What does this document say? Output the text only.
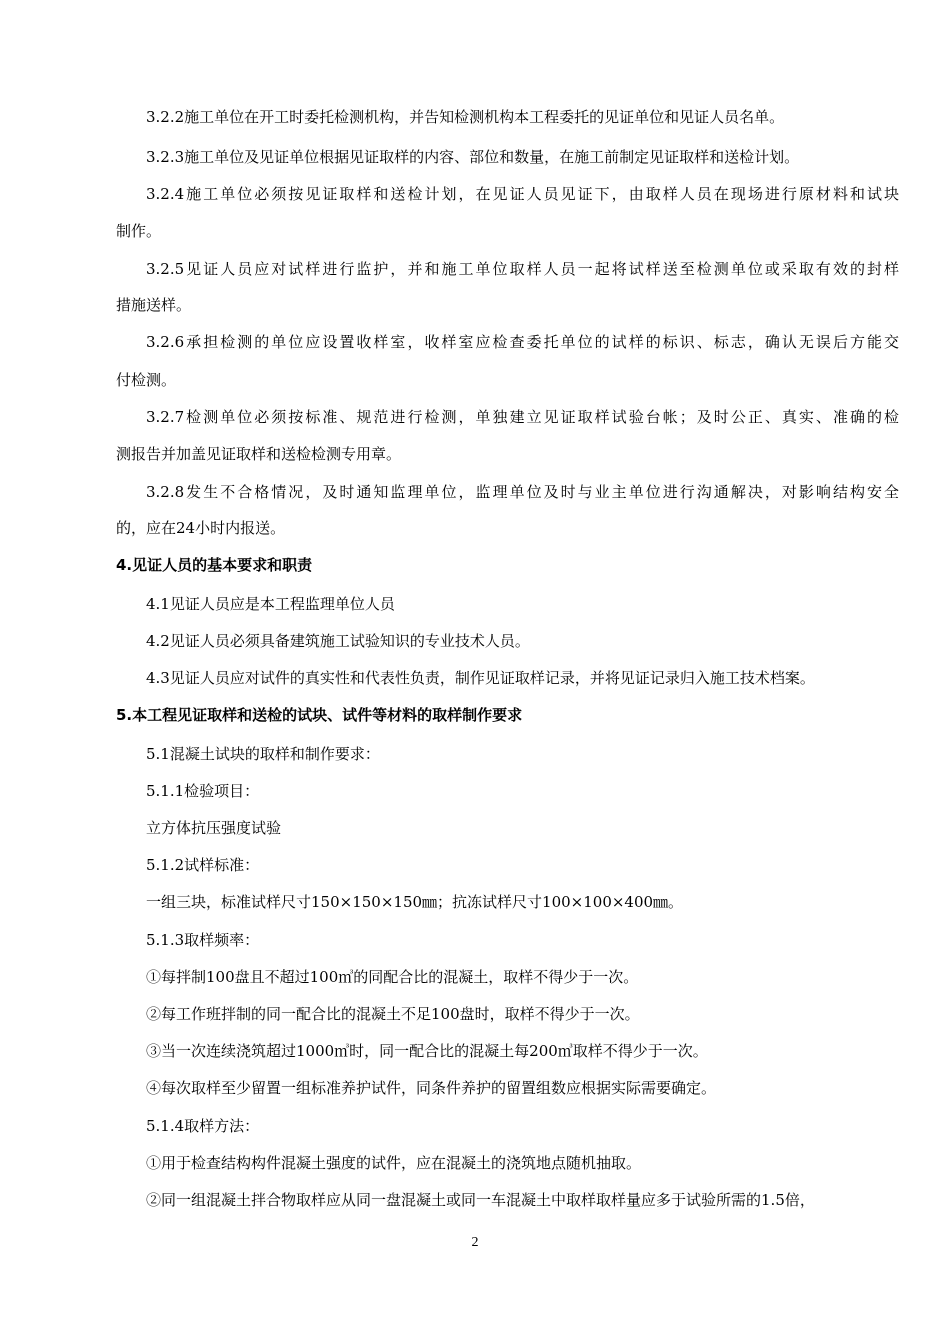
3.2.2施工单位在开工时委托检测机构，并告知检测机构本工程委托的见证单位和见证人员名单。
3.2.3施工单位及见证单位根据见证取样的内容、部位和数量，在施工前制定见证取样和送检计划。
3.2.4施工单位必须按见证取样和送检计划，在见证人员见证下，由取样人员在现场进行原材料和试块
制作。
3.2.5见证人员应对试样进行监护，并和施工单位取样人员一起将试样送至检测单位或采取有效的封样
措施送样。
3.2.6承担检测的单位应设置收样室，收样室应检查委托单位的试样的标识、标志，确认无误后方能交
付检测。
3.2.7检测单位必须按标准、规范进行检测，单独建立见证取样试验台帐；及时公正、真实、准确的检
测报告并加盖见证取样和送检检测专用章。
3.2.8发生不合格情况，及时通知监理单位，监理单位及时与业主单位进行沟通解决，对影响结构安全
的，应在24小时内报送。
4.见证人员的基本要求和职责
4.1见证人员应是本工程监理单位人员
4.2见证人员必须具备建筑施工试验知识的专业技术人员。
4.3见证人员应对试件的真实性和代表性负责，制作见证取样记录，并将见证记录归入施工技术档案。
5.本工程见证取样和送检的试块、试件等材料的取样制作要求
5.1混凝土试块的取样和制作要求：
5.1.1检验项目：
立方体抗压强度试验
5.1.2试样标准：
一组三块，标准试样尺寸150×150×150㎜；抗冻试样尺寸100×100×400㎜。
5.1.3取样频率：
①每拌制100盘且不超过100㎥的同配合比的混凝土，取样不得少于一次。
②每工作班拌制的同一配合比的混凝土不足100盘时，取样不得少于一次。
③当一次连续浇筑超过1000㎥时，同一配合比的混凝土每200㎥取样不得少于一次。
④每次取样至少留置一组标准养护试件，同条件养护的留置组数应根据实际需要确定。
5.1.4取样方法：
①用于检查结构构件混凝土强度的试件，应在混凝土的浇筑地点随机抽取。
②同一组混凝土拌合物取样应从同一盘混凝土或同一车混凝土中取样取样量应多于试验所需的1.5倍，
2
